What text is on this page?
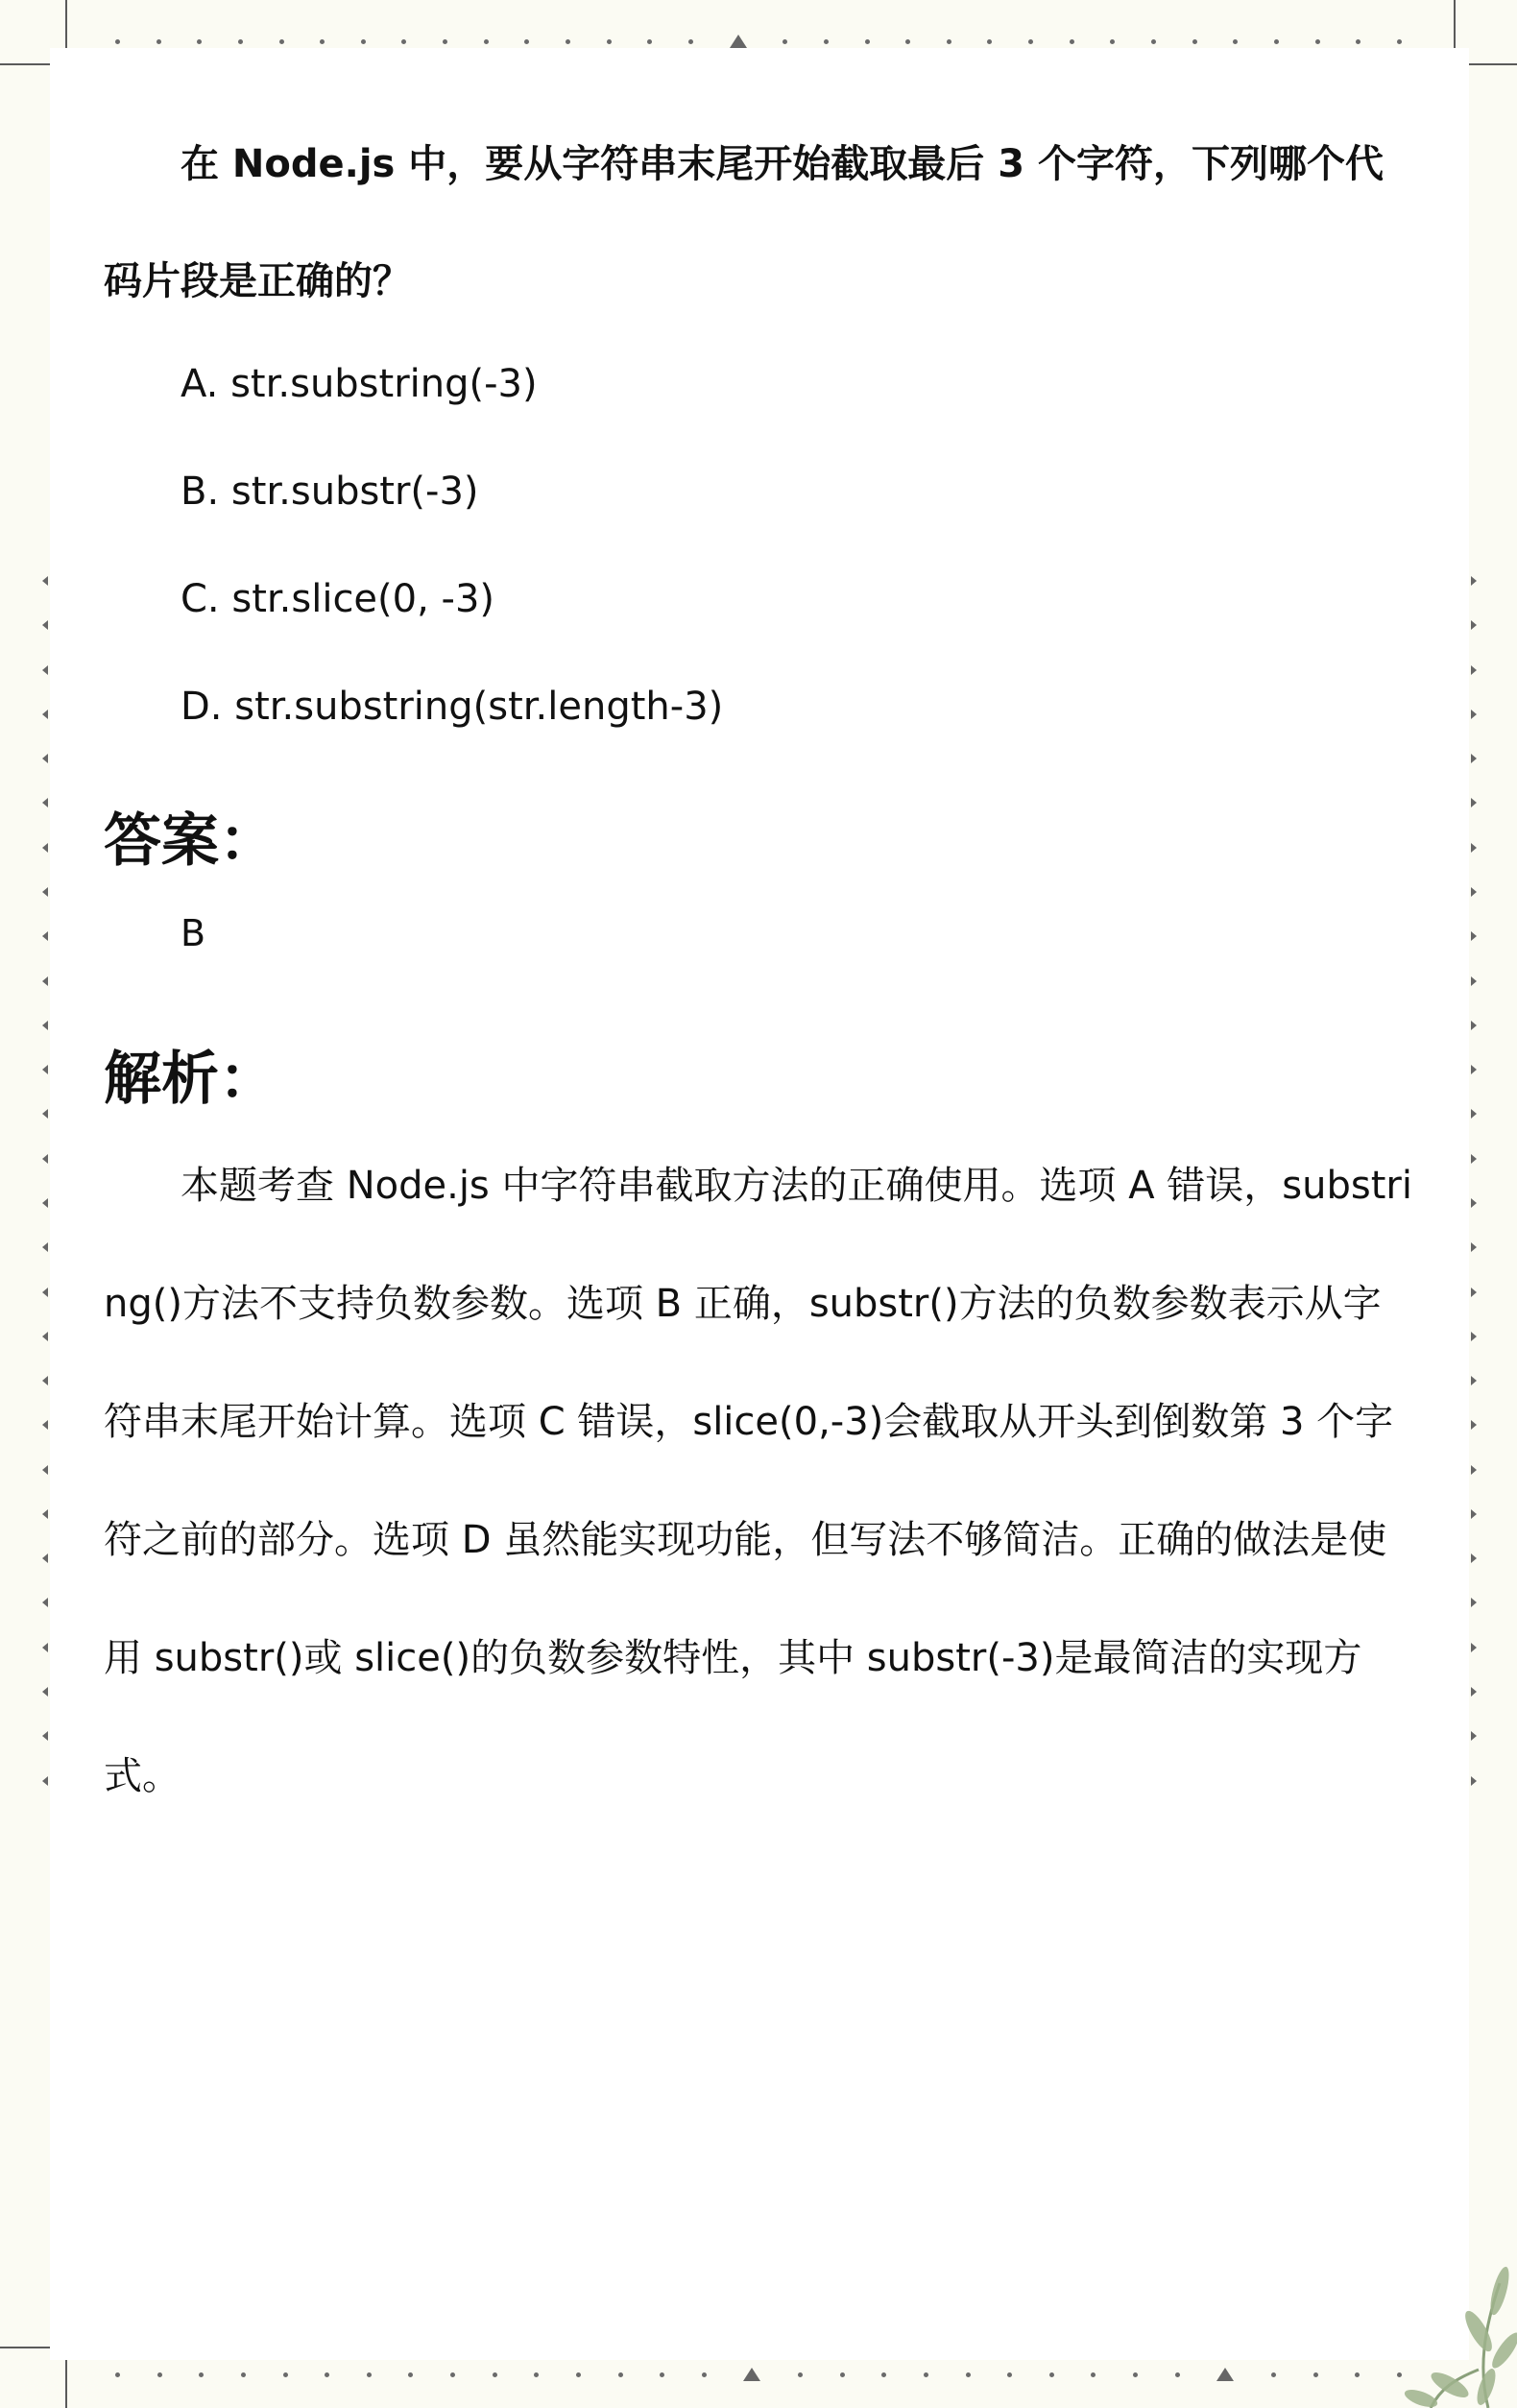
在 Node.js 中，要从字符串末尾开始截取最后 3 个字符，下列哪个代码片段是正确的？

A. str.substring(-3)
B. str.substr(-3)
C. str.slice(0, -3)
D. str.substring(str.length-3)
答案：
B
解析：

本题考查 Node.js 中字符串截取方法的正确使用。选项 A 错误，substring()方法不支持负数参数。选项 B 正确，substr()方法的负数参数表示从字符串末尾开始计算。选项 C 错误，slice(0,-3)会截取从开头到倒数第 3 个字符之前的部分。选项 D 虽然能实现功能，但写法不够简洁。正确的做法是使用 substr()或 slice()的负数参数特性，其中 substr(-3)是最简洁的实现方式。
